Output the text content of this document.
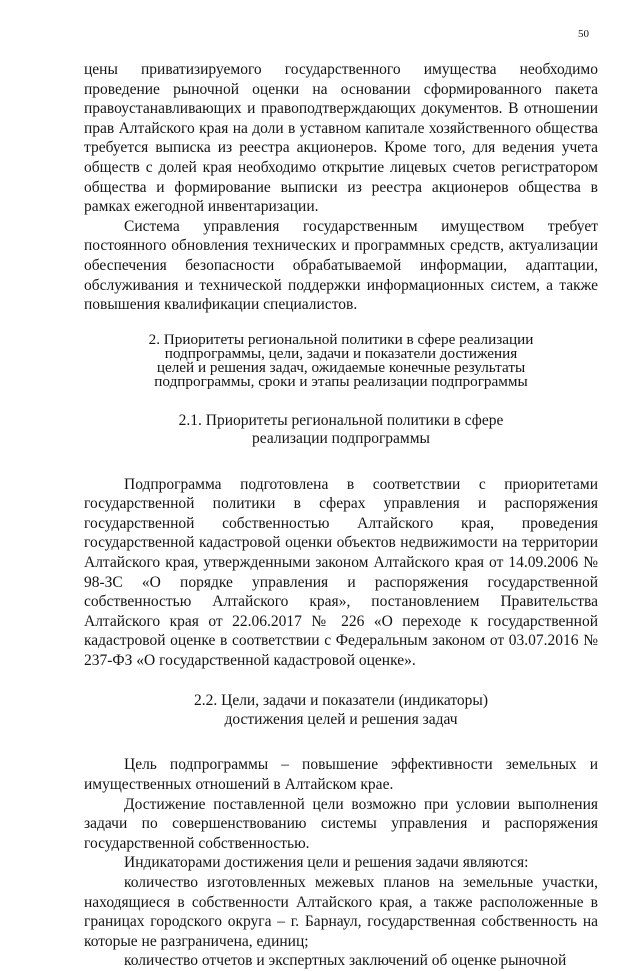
50

цены приватизируемого государственного имущества необходимо проведение рыночной оценки на основании сформированного пакета правоустанавливающих и правоподтверждающих документов. В отношении прав Алтайского края на доли в уставном капитале хозяйственного общества требуется выписка из реестра акционеров. Кроме того, для ведения учета обществ с долей края необходимо открытие лицевых счетов регистратором общества и формирование выписки из реестра акционеров общества в рамках ежегодной инвентаризации.

Система управления государственным имуществом требует постоянного обновления технических и программных средств, актуализации обеспечения безопасности обрабатываемой информации, адаптации, обслуживания и технической поддержки информационных систем, а также повышения квалификации специалистов.

2. Приоритеты региональной политики в сфере реализации
подпрограммы, цели, задачи и показатели достижения
целей и решения задач, ожидаемые конечные результаты
подпрограммы, сроки и этапы реализации подпрограммы
2.1. Приоритеты региональной политики в сфере
реализации подпрограммы

Подпрограмма подготовлена в соответствии с приоритетами государственной политики в сферах управления и распоряжения государственной собственностью Алтайского края, проведения государственной кадастровой оценки объектов недвижимости на территории Алтайского края, утвержденными законом Алтайского края от 14.09.2006 № 98-ЗС «О порядке управления и распоряжения государственной собственностью Алтайского края», постановлением Правительства Алтайского края от 22.06.2017 № 226 «О переходе к государственной кадастровой оценке в соответствии с Федеральным законом от 03.07.2016 № 237-ФЗ «О государственной кадастровой оценке».

2.2. Цели, задачи и показатели (индикаторы)
достижения целей и решения задач

Цель подпрограммы – повышение эффективности земельных и имущественных отношений в Алтайском крае.

Достижение поставленной цели возможно при условии выполнения задачи по совершенствованию системы управления и распоряжения государственной собственностью.

Индикаторами достижения цели и решения задачи являются:

количество изготовленных межевых планов на земельные участки, находящиеся в собственности Алтайского края, а также расположенные в границах городского округа – г. Барнаул, государственная собственность на которые не разграничена, единиц;

количество отчетов и экспертных заключений об оценке рыночной
